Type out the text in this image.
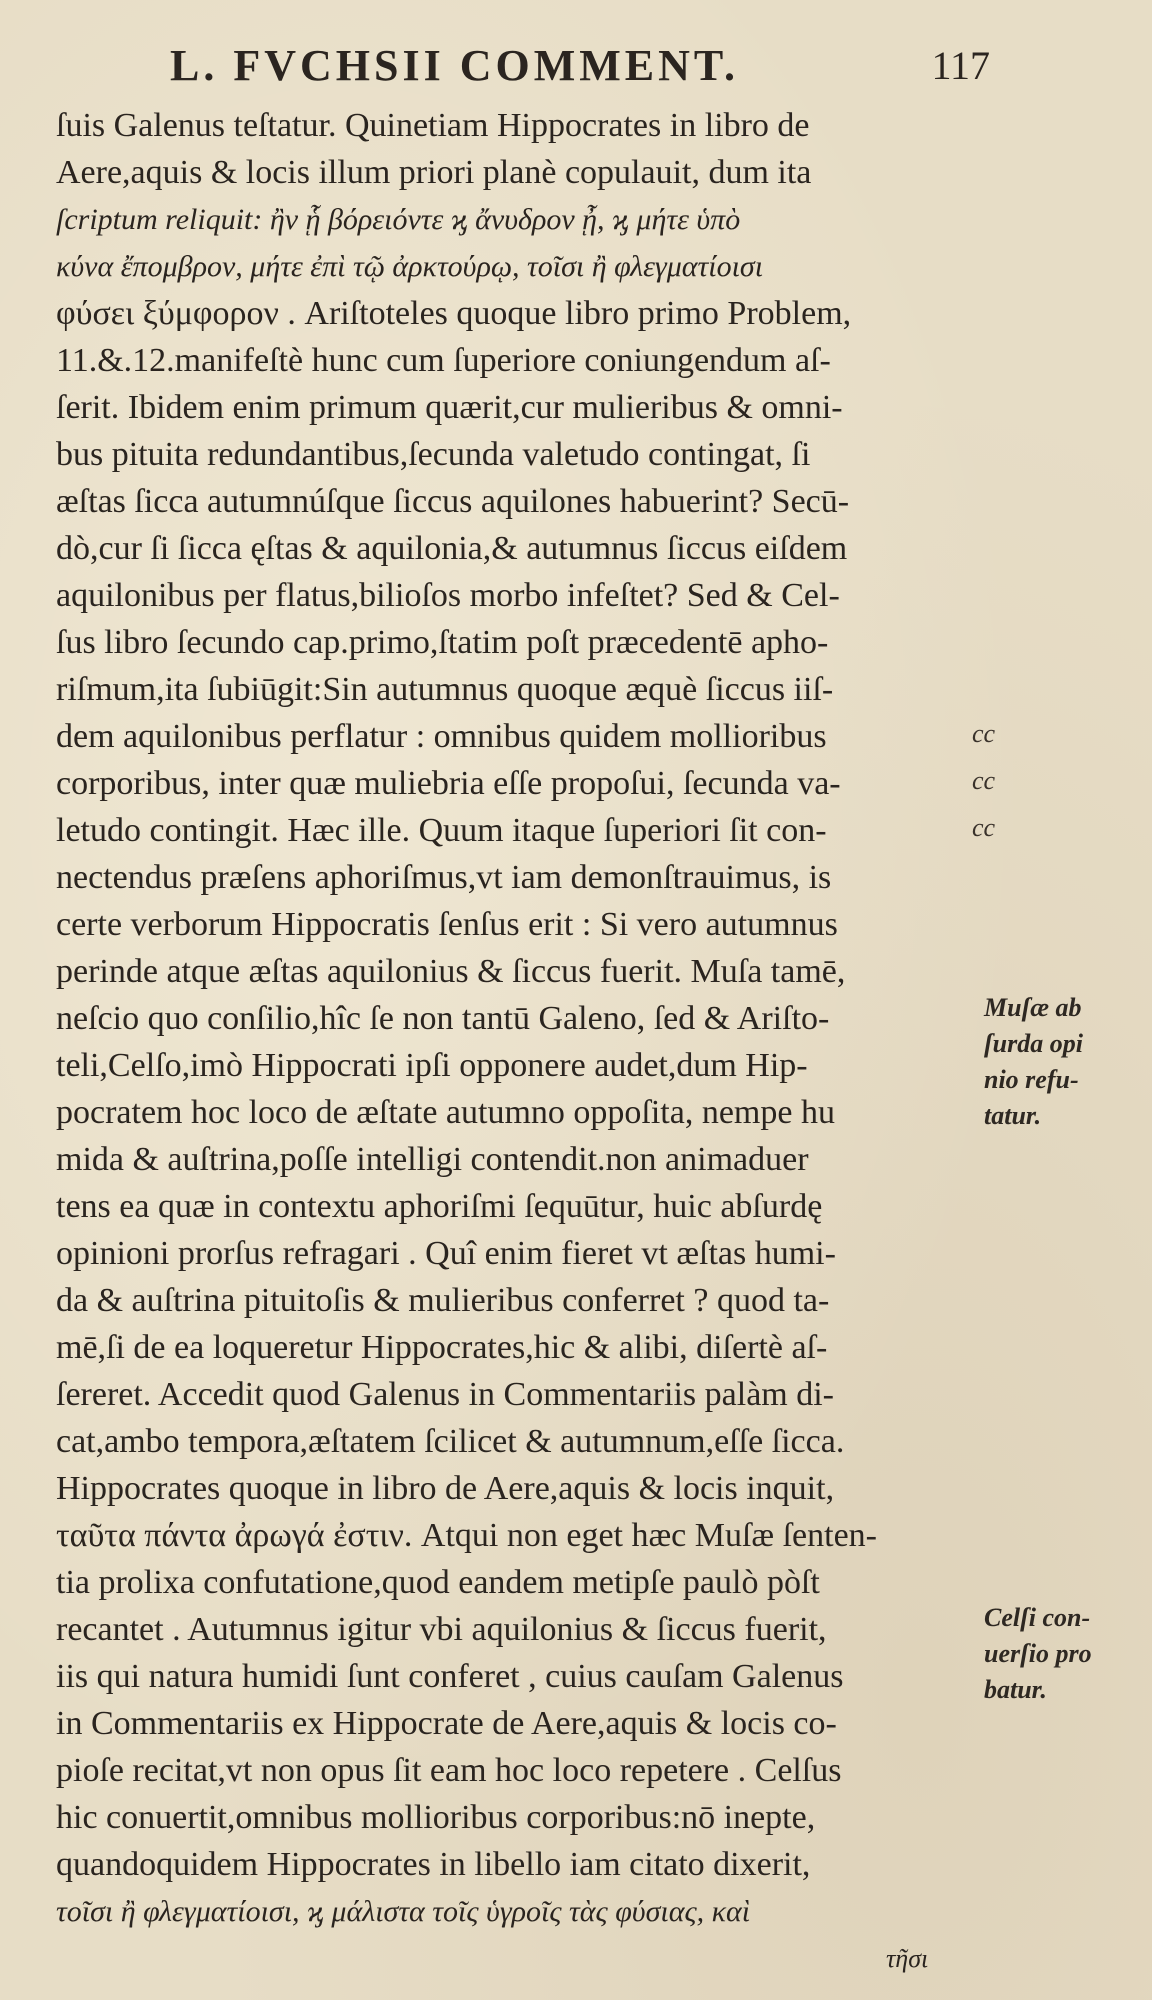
L. FVCHSII COMMENT.	117
ſuis Galenus teſtatur. Quinetiam Hippocrates in libro de
Aere,aquis & locis illum priori planè copulauit, dum ita
ſcriptum reliquit: ἢν ᾗ βόρειόντε ϗ ἄνυδρον ᾖ, ϗ μήτε ὑπὸ
κύνα ἔπομβρον, μήτε ἐπὶ τῷ ἀρκτούρῳ, τοῖσι ἢ φλεγματίοισι
φύσει ξύμφορον . Ariſtoteles quoque libro primo Problem,
11.&.12.manifeſtè hunc cum ſuperiore coniungendum aſ-
ſerit. Ibidem enim primum quærit,cur mulieribus & omni-
bus pituita redundantibus,ſecunda valetudo contingat, ſi
æſtas ſicca autumnúſque ſiccus aquilones habuerint? Secū-
dò,cur ſi ſicca ęſtas & aquilonia,& autumnus ſiccus eiſdem
aquilonibus per flatus,bilioſos morbo infeſtet? Sed & Cel-
ſus libro ſecundo cap.primo,ſtatim poſt præcedentē apho-
riſmum,ita ſubiūgit:Sin autumnus quoque æquè ſiccus iiſ-
dem aquilonibus perflatur : omnibus quidem mollioribus
corporibus, inter quæ muliebria eſſe propoſui, ſecunda va-
letudo contingit. Hæc ille. Quum itaque ſuperiori ſit con-
nectendus præſens aphoriſmus,vt iam demonſtrauimus, is
certe verborum Hippocratis ſenſus erit : Si vero autumnus
perinde atque æſtas aquilonius & ſiccus fuerit. Muſa tamē,
neſcio quo conſilio,hîc ſe non tantū Galeno, ſed & Ariſto-
teli,Celſo,imò Hippocrati ipſi opponere audet,dum Hip-
pocratem hoc loco de æſtate autumno oppoſita, nempe hu
mida & auſtrina,poſſe intelligi contendit.non animaduer
tens ea quæ in contextu aphoriſmi ſequūtur, huic abſurdę
opinioni prorſus refragari . Quî enim fieret vt æſtas humi-
da & auſtrina pituitoſis & mulieribus conferret ? quod ta-
mē,ſi de ea loqueretur Hippocrates,hic & alibi, diſertè aſ-
ſereret. Accedit quod Galenus in Commentariis palàm di-
cat,ambo tempora,æſtatem ſcilicet & autumnum,eſſe ſicca.
Hippocrates quoque in libro de Aere,aquis & locis inquit,
ταῦτα πάντα ἀρωγά ἐστιν. Atqui non eget hæc Muſæ ſenten-
tia prolixa confutatione,quod eandem metipſe paulò pòſt
recantet . Autumnus igitur vbi aquilonius & ſiccus fuerit,
iis qui natura humidi ſunt conferet , cuius cauſam Galenus
in Commentariis ex Hippocrate de Aere,aquis & locis co-
pioſe recitat,vt non opus ſit eam hoc loco repetere . Celſus
hic conuertit,omnibus mollioribus corporibus:nō inepte,
quandoquidem Hippocrates in libello iam citato dixerit,
τοῖσι ἢ φλεγματίοισι, ϗ μάλιστα τοῖς ὑγροῖς τὰς φύσιας, καὶ
τῆσι
cc
cc
cc
Muſæ ab
ſurda opi
nio refu-
tatur.
Celſi con-
uerſio pro
batur.
